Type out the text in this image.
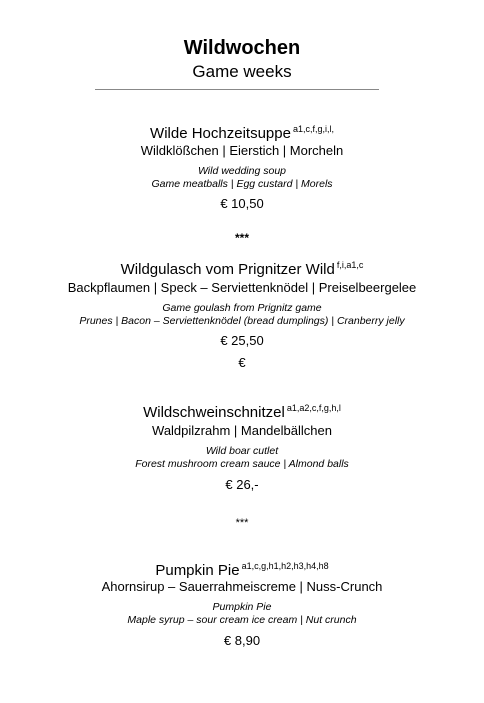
Wildwochen
Game weeks
Wilde Hochzeitsuppe $^{a1,c,f,g,i,l,}$
Wildklößchen | Eierstich | Morcheln
Wild wedding soup
Game meatballs | Egg custard | Morels
€ 10,50
***
Wildgulasch vom Prignitzer Wild $^{f,i,a1,c}$
Backpflaumen | Speck – Serviettenknödel | Preiselbeergelee
Game goulash from Prignitz game
Prunes | Bacon – Serviettenknödel (bread dumplings) | Cranberry jelly
€ 25,50
€
Wildschweinschnitzel $^{a1,a2,c,f,g,h,l}$
Waldpilzrahm | Mandelbällchen
Wild boar cutlet
Forest mushroom cream sauce | Almond balls
€ 26,-
***
Pumpkin Pie $^{a1,c,g,h1,h2,h3,h4,h8}$
Ahornsirup – Sauerrahmeiscreme | Nuss-Crunch
Pumpkin Pie
Maple syrup – sour cream ice cream | Nut crunch
€ 8,90
